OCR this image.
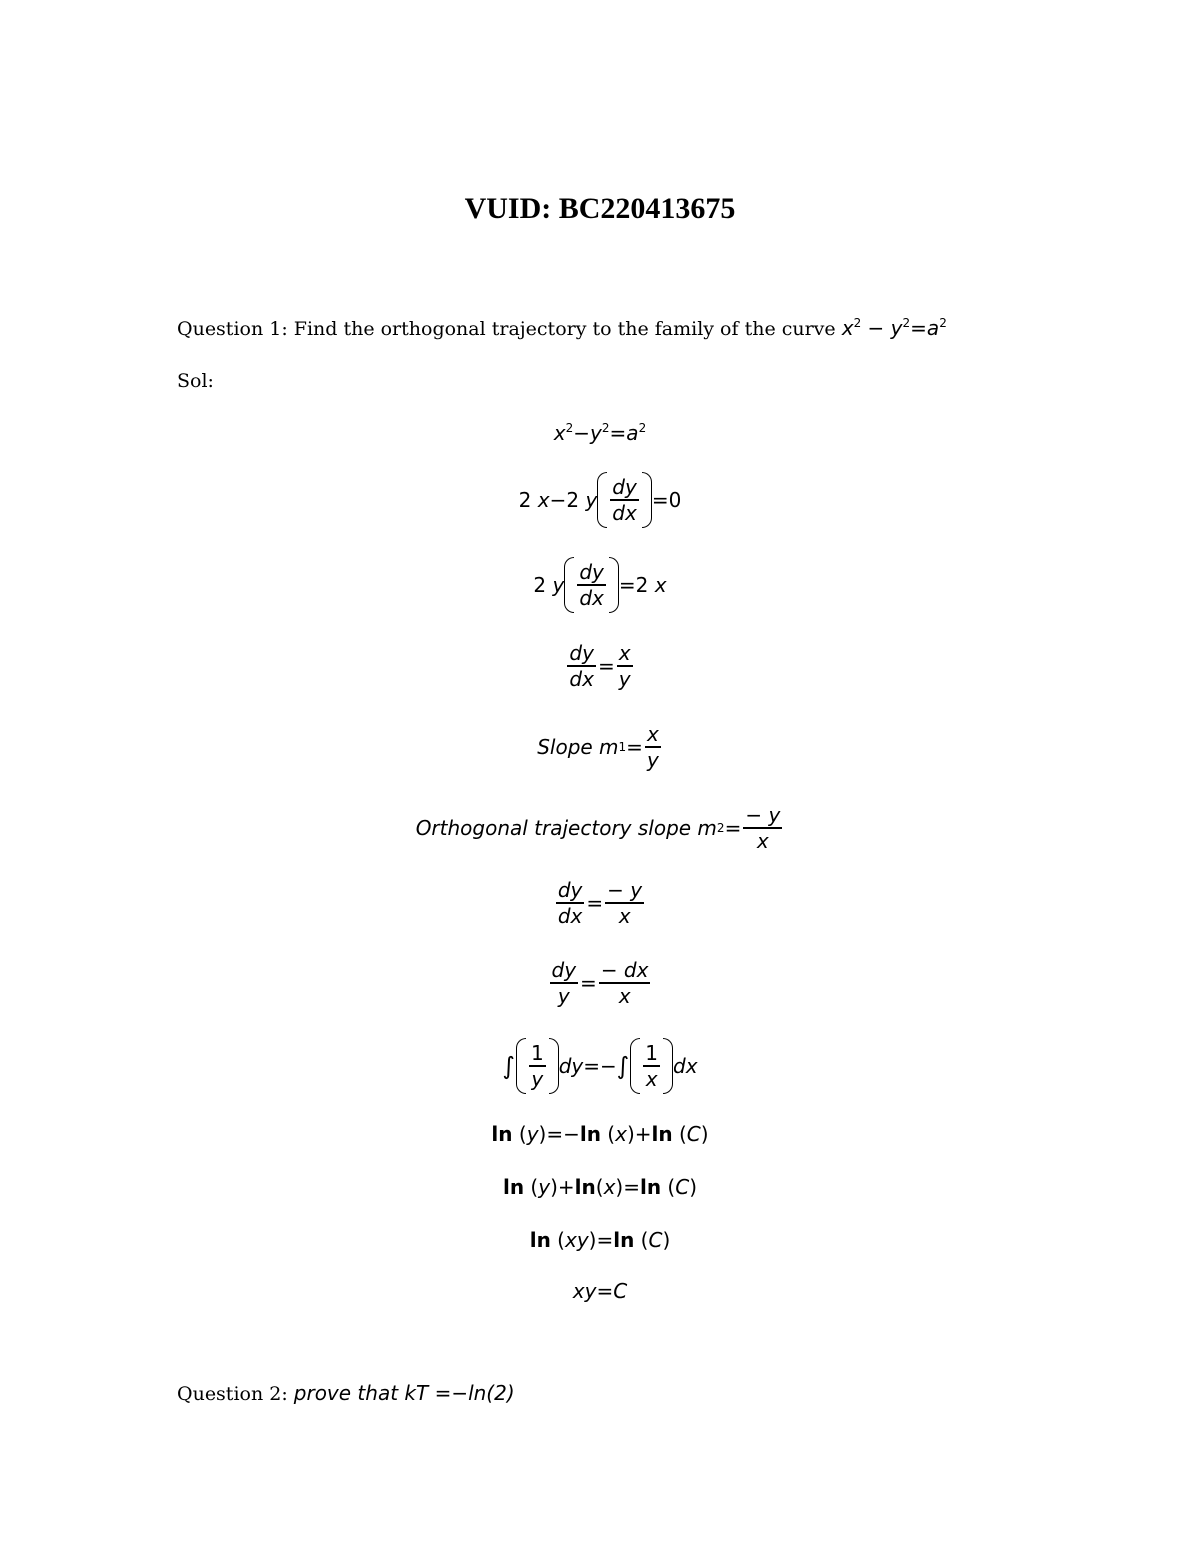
VUID: BC220413675
Question 1: Find the orthogonal trajectory to the family of the curve $x^2 - y^2=a^2$
Sol:
$x^2-y^2=a^2$
2 x −2 y $\frac{dy}{dx} =0$
2 y $\frac{dy}{dx} =2$ x
$\frac{dy}{dx} = \frac{x}{y}$
Slope m $1 = \frac{x}{y}$
Orthogonal trajectory slope m $2 = \frac{- y}{x}$
$\frac{dy}{dx} = \frac{- y}{x}$
$\frac{dy}{y} = \frac{- dx}{x}$
∫ $\frac{1}{y}$ dy =− ∫ $\frac{1}{x}$ dx
ln (y)=−ln (x)+ln (C)
ln (y)+ln(x)=ln (C)
ln (xy)=ln (C)
xy=C
Question 2: prove that kT =−ln(2)
